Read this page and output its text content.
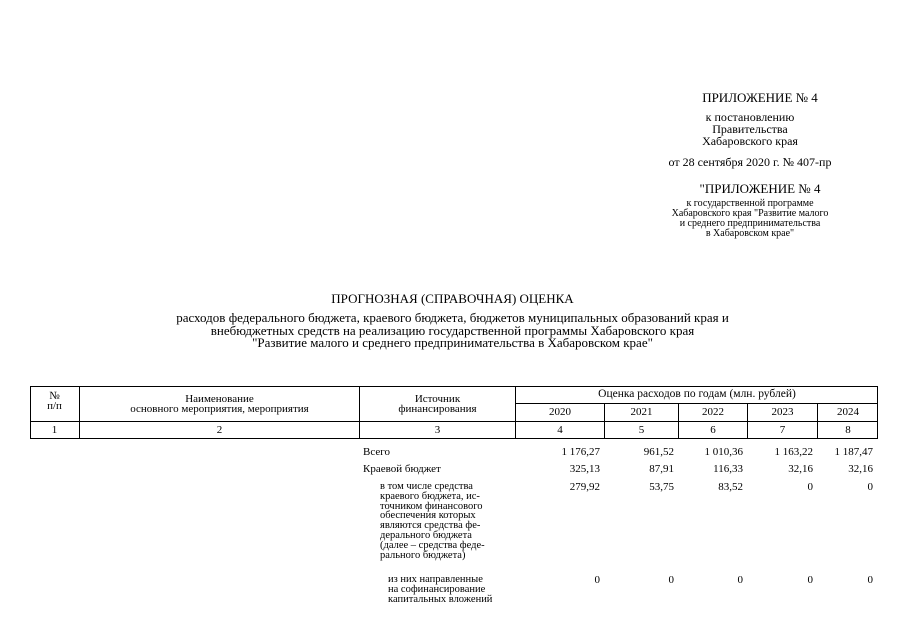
ПРИЛОЖЕНИЕ № 4
к постановлению
Правительства
Хабаровского края
от 28 сентября 2020 г. № 407-пр
"ПРИЛОЖЕНИЕ № 4
к государственной программе
Хабаровского края "Развитие малого
и среднего предпринимательства
в Хабаровском крае"
ПРОГНОЗНАЯ (СПРАВОЧНАЯ) ОЦЕНКА
расходов федерального бюджета, краевого бюджета, бюджетов муниципальных образований края и
внебюджетных средств на реализацию государственной программы Хабаровского края
"Развитие малого и среднего предпринимательства в Хабаровском крае"
№
п/п
Наименование
основного мероприятия, мероприятия
Источник
финансирования
Оценка расходов по годам (млн. рублей)
2020	2021	2022	2023	2024
1	2	3	4	5	6	7	8
Всего	1 176,27	961,52	1 010,36	1 163,22	1 187,47
Краевой бюджет	325,13	87,91	116,33	32,16	32,16
в том числе средства
краевого бюджета, ис-
точником финансового
обеспечения которых
являются средства фе-
дерального бюджета
(далее – средства феде-
рального бюджета)
279,92	53,75	83,52	0	0
из них направленные
на софинансирование
капитальных вложений
0	0	0	0	0
